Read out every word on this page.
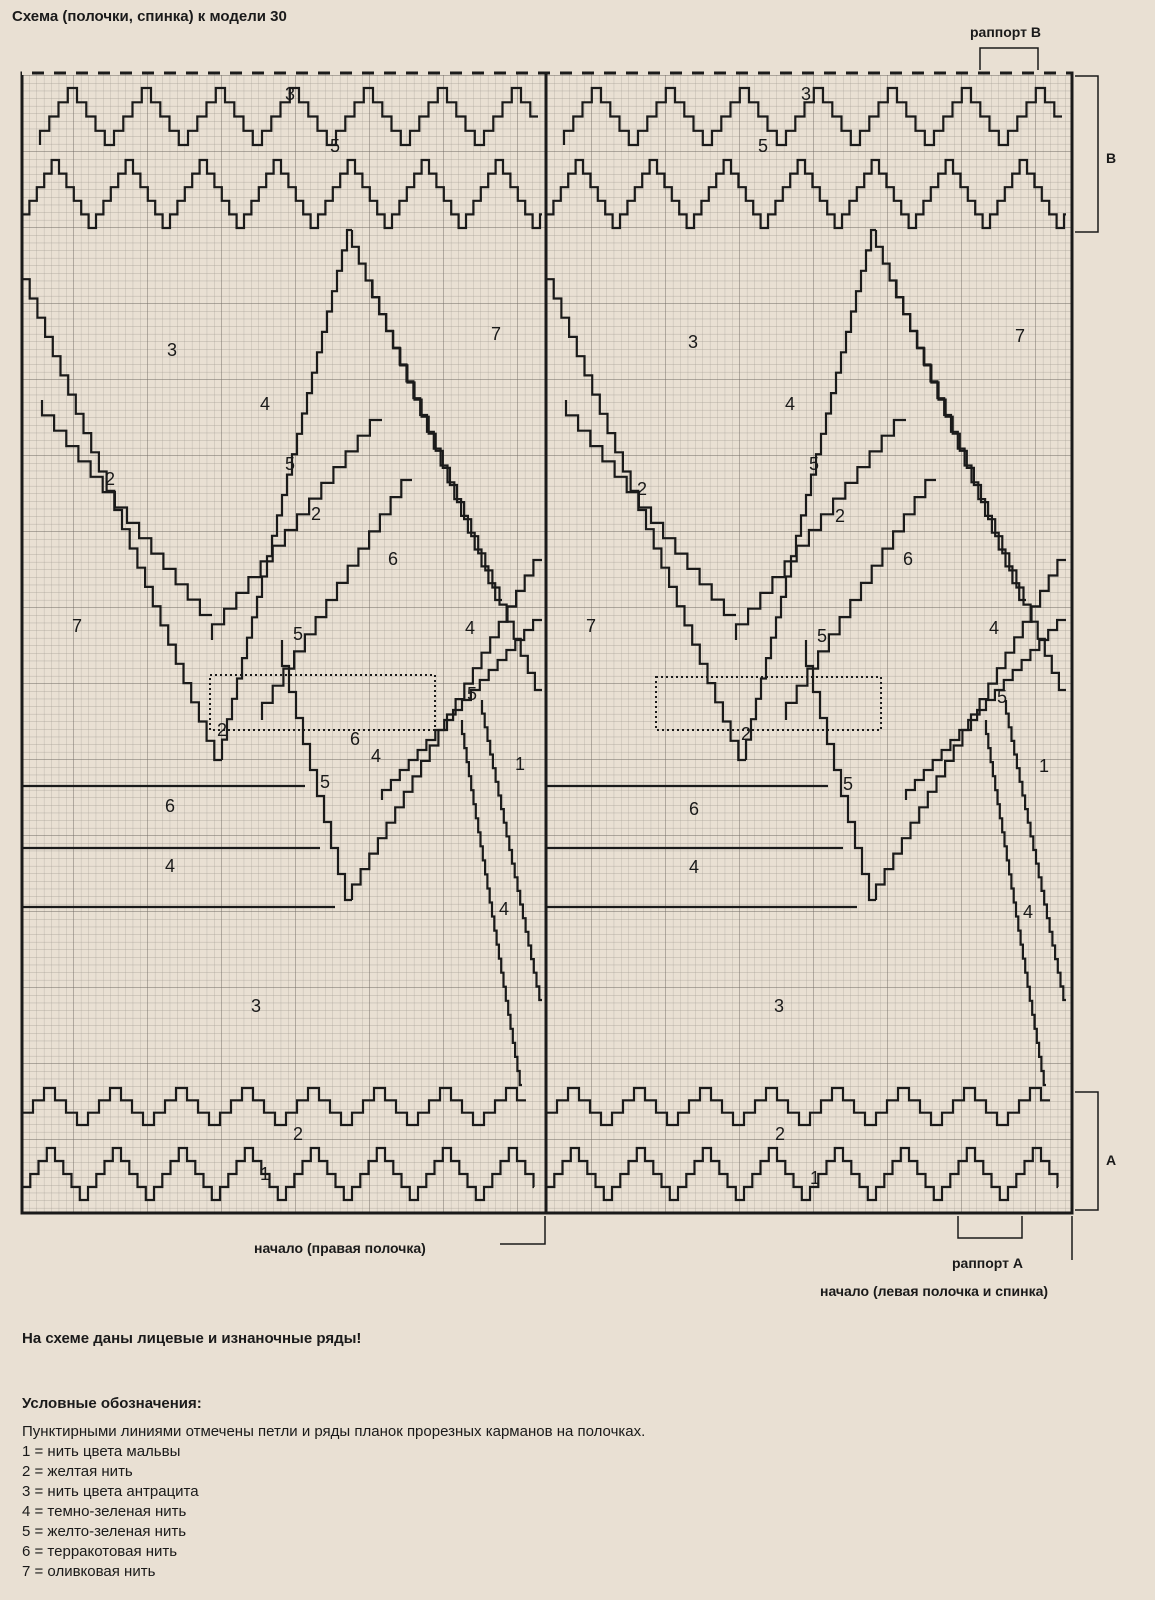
3
5
3
7
4
5
2
2
6
7	5	4
5
1
2	6
4
5
6
4
4
3
2
1
3
5
3	7
4
5
2
2
6
7	5	4
5
1
2
5
6
4
4
3
2
1
Схема (полочки, спинка) к модели 30
раппорт В
В
А
раппорт А
начало (правая полочка)
начало (левая полочка и спинка)
На схеме даны лицевые и изнаночные ряды!
Условные обозначения:
Пунктирными линиями отмечены петли и ряды планок прорезных карманов на полочках.
1 = нить цвета мальвы
2 = желтая нить
3 = нить цвета антрацита
4 = темно-зеленая нить
5 = желто-зеленая нить
6 = терракотовая нить
7 = оливковая нить
